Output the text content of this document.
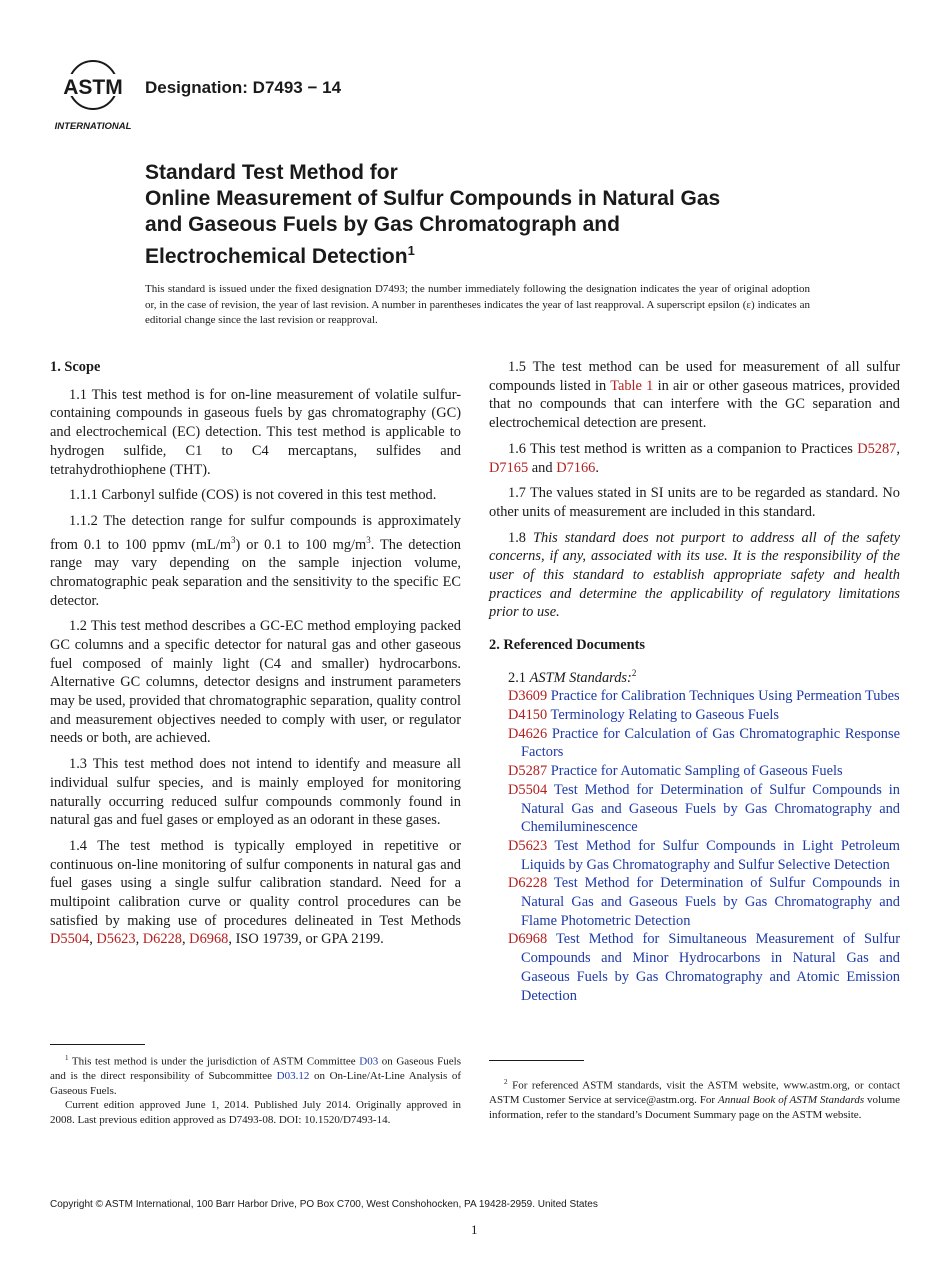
ASTM
INTERNATIONAL
Designation: D7493 − 14
Standard Test Method for
Online Measurement of Sulfur Compounds in Natural Gas
and Gaseous Fuels by Gas Chromatograph and
Electrochemical Detection$^1$
This standard is issued under the fixed designation D7493; the number immediately following the designation indicates the year of original adoption or, in the case of revision, the year of last revision. A number in parentheses indicates the year of last reapproval. A superscript epsilon (ε) indicates an editorial change since the last revision or reapproval.
1. Scope

1.1 This test method is for on-line measurement of volatile sulfur-containing compounds in gaseous fuels by gas chromatography (GC) and electrochemical (EC) detection. This test method is applicable to hydrogen sulfide, C1 to C4 mercaptans, sulfides and tetrahydrothiophene (THT).

1.1.1 Carbonyl sulfide (COS) is not covered in this test method.

1.1.2 The detection range for sulfur compounds is approximately from 0.1 to 100 ppmv $(mL/m^3)$ or 0.1 to 100 $mg/m^3$. The detection range may vary depending on the sample injection volume, chromatographic peak separation and the sensitivity to the specific EC detector.

1.2 This test method describes a GC-EC method employing packed GC columns and a specific detector for natural gas and other gaseous fuel composed of mainly light (C4 and smaller) hydrocarbons. Alternative GC columns, detector designs and instrument parameters may be used, provided that chromatographic separation, quality control and measurement objectives needed to comply with user, or regulator needs or both, are achieved.

1.3 This test method does not intend to identify and measure all individual sulfur species, and is mainly employed for monitoring naturally occurring reduced sulfur compounds commonly found in natural gas and fuel gases or employed as an odorant in these gases.

1.4 The test method is typically employed in repetitive or continuous on-line monitoring of sulfur components in natural gas and fuel gases using a single sulfur calibration standard. Need for a multipoint calibration curve or quality control procedures can be satisfied by making use of procedures delineated in Test Methods D5504, D5623, D6228, D6968, ISO 19739, or GPA 2199.

$^1$ This test method is under the jurisdiction of ASTM Committee D03 on Gaseous Fuels and is the direct responsibility of Subcommittee D03.12 on On-Line/At-Line Analysis of Gaseous Fuels.

Current edition approved June 1, 2014. Published July 2014. Originally approved in 2008. Last previous edition approved as D7493-08. DOI: 10.1520/D7493-14.

1.5 The test method can be used for measurement of all sulfur compounds listed in Table 1 in air or other gaseous matrices, provided that no compounds that can interfere with the GC separation and electrochemical detection are present.

1.6 This test method is written as a companion to Practices D5287, D7165 and D7166.

1.7 The values stated in SI units are to be regarded as standard. No other units of measurement are included in this standard.

1.8 This standard does not purport to address all of the safety concerns, if any, associated with its use. It is the responsibility of the user of this standard to establish appropriate safety and health practices and determine the applicability of regulatory limitations prior to use.

2. Referenced Documents

2.1 ASTM Standards:$^2$

D3609 Practice for Calibration Techniques Using Permeation Tubes
D4150 Terminology Relating to Gaseous Fuels
D4626 Practice for Calculation of Gas Chromatographic Response Factors
D5287 Practice for Automatic Sampling of Gaseous Fuels
D5504 Test Method for Determination of Sulfur Compounds in Natural Gas and Gaseous Fuels by Gas Chromatography and Chemiluminescence
D5623 Test Method for Sulfur Compounds in Light Petroleum Liquids by Gas Chromatography and Sulfur Selective Detection
D6228 Test Method for Determination of Sulfur Compounds in Natural Gas and Gaseous Fuels by Gas Chromatography and Flame Photometric Detection
D6968 Test Method for Simultaneous Measurement of Sulfur Compounds and Minor Hydrocarbons in Natural Gas and Gaseous Fuels by Gas Chromatography and Atomic Emission Detection

$^2$ For referenced ASTM standards, visit the ASTM website, www.astm.org, or contact ASTM Customer Service at service@astm.org. For Annual Book of ASTM Standards volume information, refer to the standard’s Document Summary page on the ASTM website.

Copyright © ASTM International, 100 Barr Harbor Drive, PO Box C700, West Conshohocken, PA 19428-2959. United States
1
